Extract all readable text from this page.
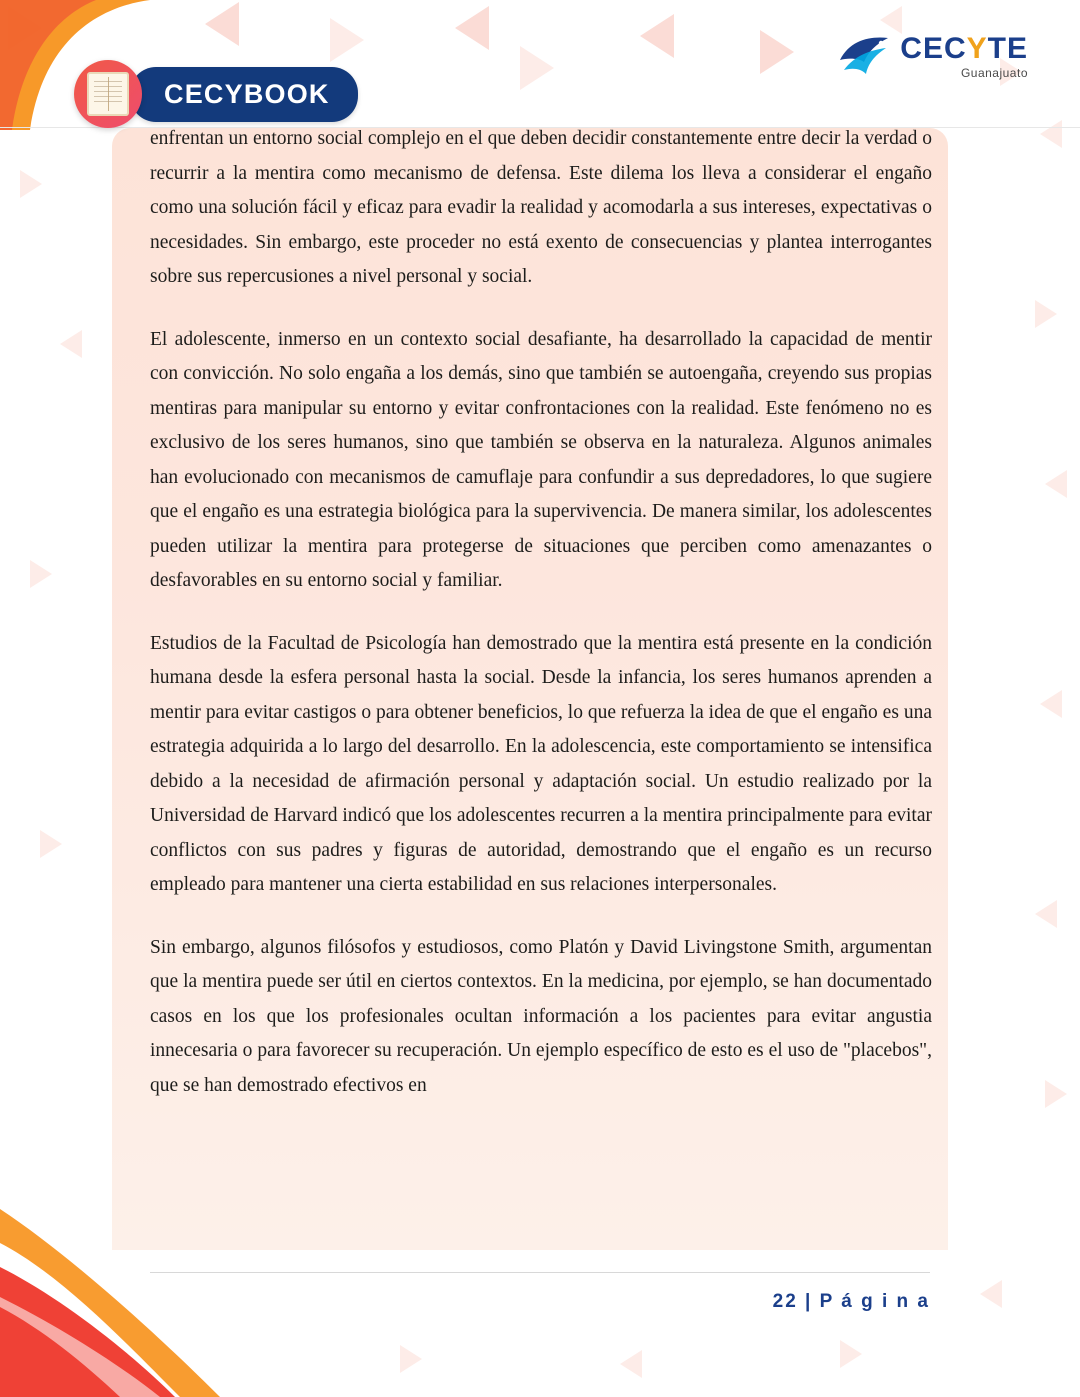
CECYBOOK
CECYTE
Guanajuato

enfrentan un entorno social complejo en el que deben decidir constantemente entre decir la verdad o recurrir a la mentira como mecanismo de defensa. Este dilema los lleva a considerar el engaño como una solución fácil y eficaz para evadir la realidad y acomodarla a sus intereses, expectativas o necesidades. Sin embargo, este proceder no está exento de consecuencias y plantea interrogantes sobre sus repercusiones a nivel personal y social.

El adolescente, inmerso en un contexto social desafiante, ha desarrollado la capacidad de mentir con convicción. No solo engaña a los demás, sino que también se autoengaña, creyendo sus propias mentiras para manipular su entorno y evitar confrontaciones con la realidad. Este fenómeno no es exclusivo de los seres humanos, sino que también se observa en la naturaleza. Algunos animales han evolucionado con mecanismos de camuflaje para confundir a sus depredadores, lo que sugiere que el engaño es una estrategia biológica para la supervivencia. De manera similar, los adolescentes pueden utilizar la mentira para protegerse de situaciones que perciben como amenazantes o desfavorables en su entorno social y familiar.

Estudios de la Facultad de Psicología han demostrado que la mentira está presente en la condición humana desde la esfera personal hasta la social. Desde la infancia, los seres humanos aprenden a mentir para evitar castigos o para obtener beneficios, lo que refuerza la idea de que el engaño es una estrategia adquirida a lo largo del desarrollo. En la adolescencia, este comportamiento se intensifica debido a la necesidad de afirmación personal y adaptación social. Un estudio realizado por la Universidad de Harvard indicó que los adolescentes recurren a la mentira principalmente para evitar conflictos con sus padres y figuras de autoridad, demostrando que el engaño es un recurso empleado para mantener una cierta estabilidad en sus relaciones interpersonales.

Sin embargo, algunos filósofos y estudiosos, como Platón y David Livingstone Smith, argumentan que la mentira puede ser útil en ciertos contextos. En la medicina, por ejemplo, se han documentado casos en los que los profesionales ocultan información a los pacientes para evitar angustia innecesaria o para favorecer su recuperación. Un ejemplo específico de esto es el uso de "placebos", que se han demostrado efectivos en

22 | P á g i n a
